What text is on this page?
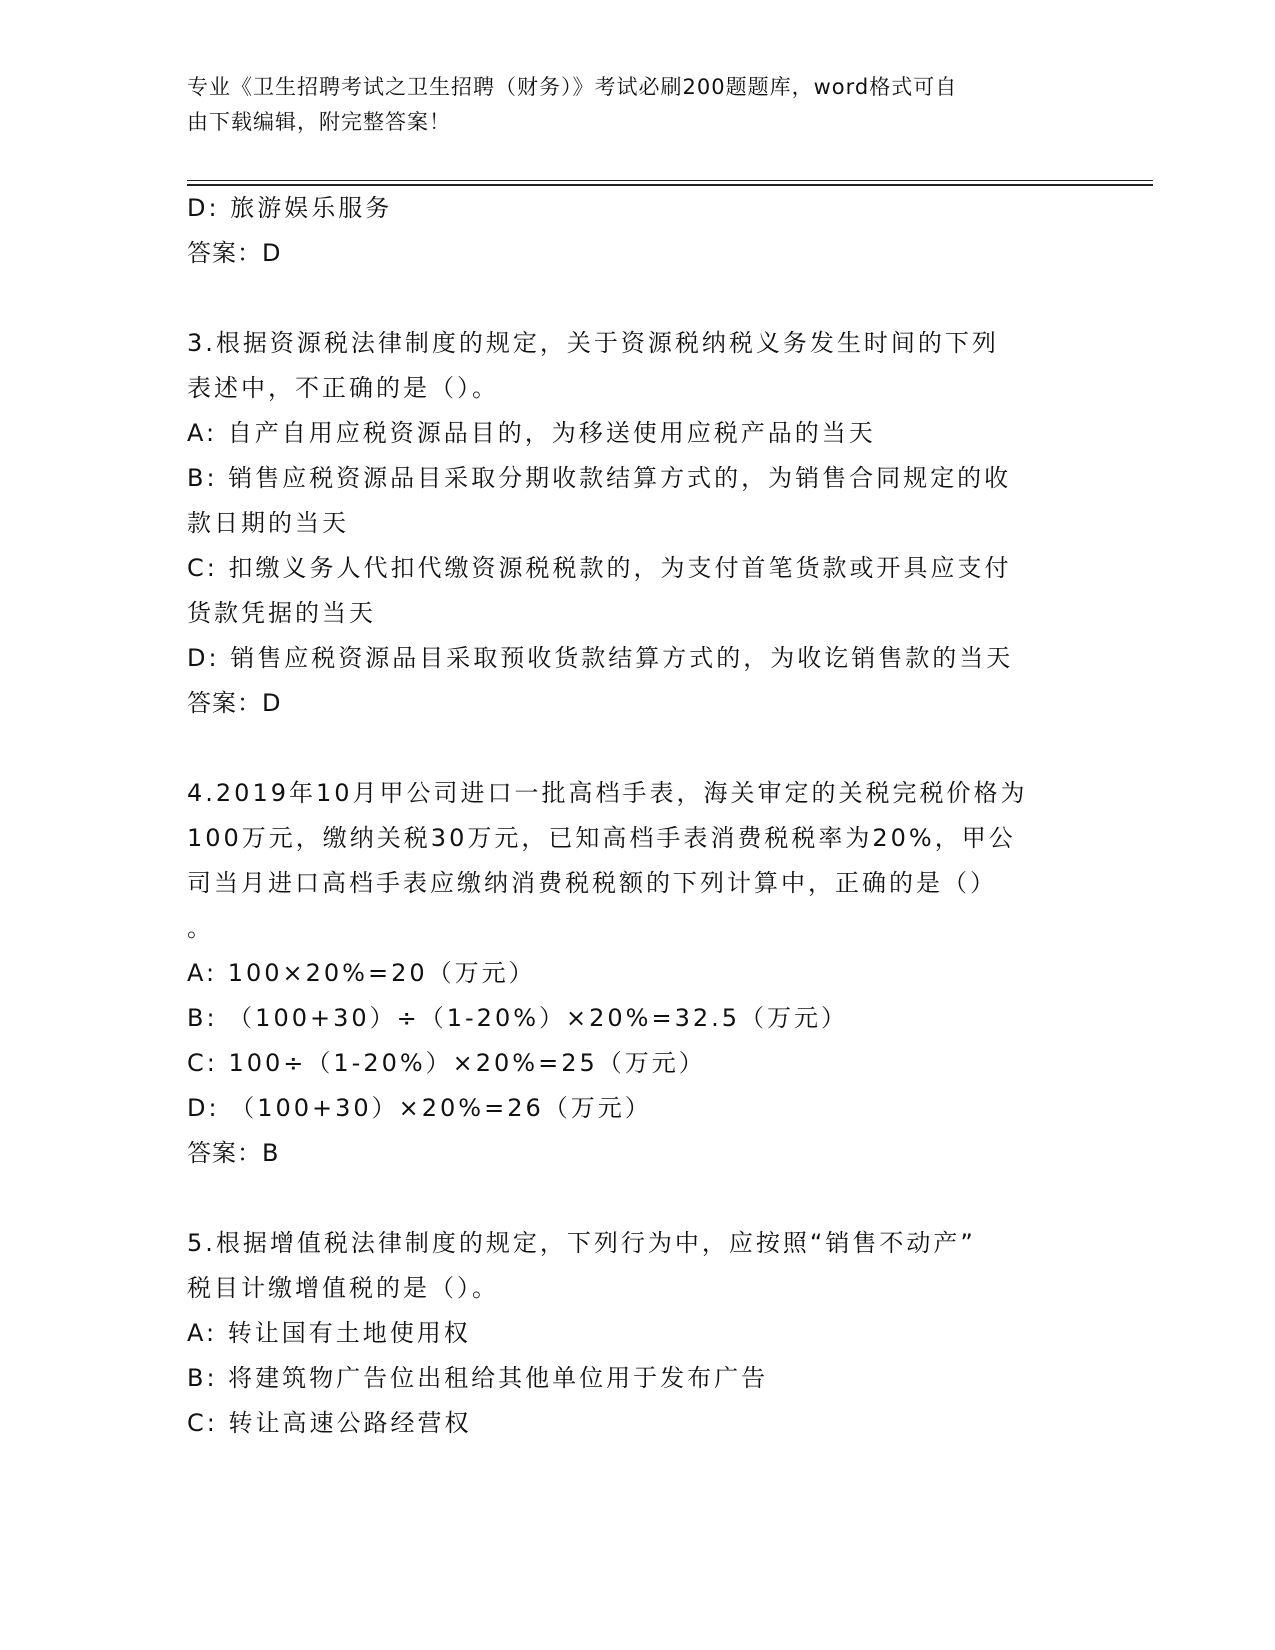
专业《卫生招聘考试之卫生招聘（财务）》考试必刷200题题库，word格式可自
由下载编辑，附完整答案！
D: 旅游娱乐服务
答案：D
3.根据资源税法律制度的规定，关于资源税纳税义务发生时间的下列
表述中，不正确的是（）。
A: 自产自用应税资源品目的，为移送使用应税产品的当天
B: 销售应税资源品目采取分期收款结算方式的，为销售合同规定的收
款日期的当天
C: 扣缴义务人代扣代缴资源税税款的，为支付首笔货款或开具应支付
货款凭据的当天
D: 销售应税资源品目采取预收货款结算方式的，为收讫销售款的当天
答案：D
4.2019年10月甲公司进口一批高档手表，海关审定的关税完税价格为
100万元，缴纳关税30万元，已知高档手表消费税税率为20%，甲公
司当月进口高档手表应缴纳消费税税额的下列计算中，正确的是（）
。
A: 100×20%=20（万元）
B: （100+30）÷（1-20%）×20%=32.5（万元）
C: 100÷（1-20%）×20%=25（万元）
D: （100+30）×20%=26（万元）
答案：B
5.根据增值税法律制度的规定，下列行为中，应按照“销售不动产”
税目计缴增值税的是（）。
A: 转让国有土地使用权
B: 将建筑物广告位出租给其他单位用于发布广告
C: 转让高速公路经营权
